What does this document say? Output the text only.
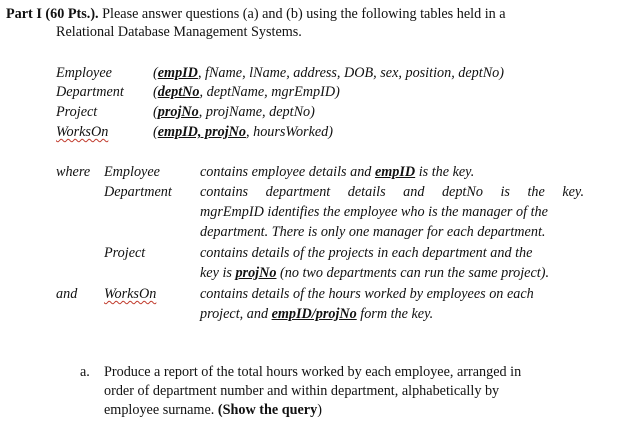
Part I (60 Pts.). Please answer questions (a) and (b) using the following tables held in a
Relational Database Management Systems.
Employee	(empID, fName, lName, address, DOB, sex, position, deptNo)
Department (deptNo, deptName, mgrEmpID)
Project	(projNo, projName, deptNo)
WorksOn	(empID, projNo, hoursWorked)
where Employee	contains employee details and empID is the key.
Department contains department details and deptNo is the key.
mgrEmpID identifies the employee who is the manager of the
department. There is only one manager for each department.
Project	contains details of the projects in each department and the
key is projNo (no two departments can run the same project).
and WorksOn	contains details of the hours worked by employees on each
project, and empID/projNo form the key.
a. Produce a report of the total hours worked by each employee, arranged in
order of department number and within department, alphabetically by
employee surname. (Show the query)
